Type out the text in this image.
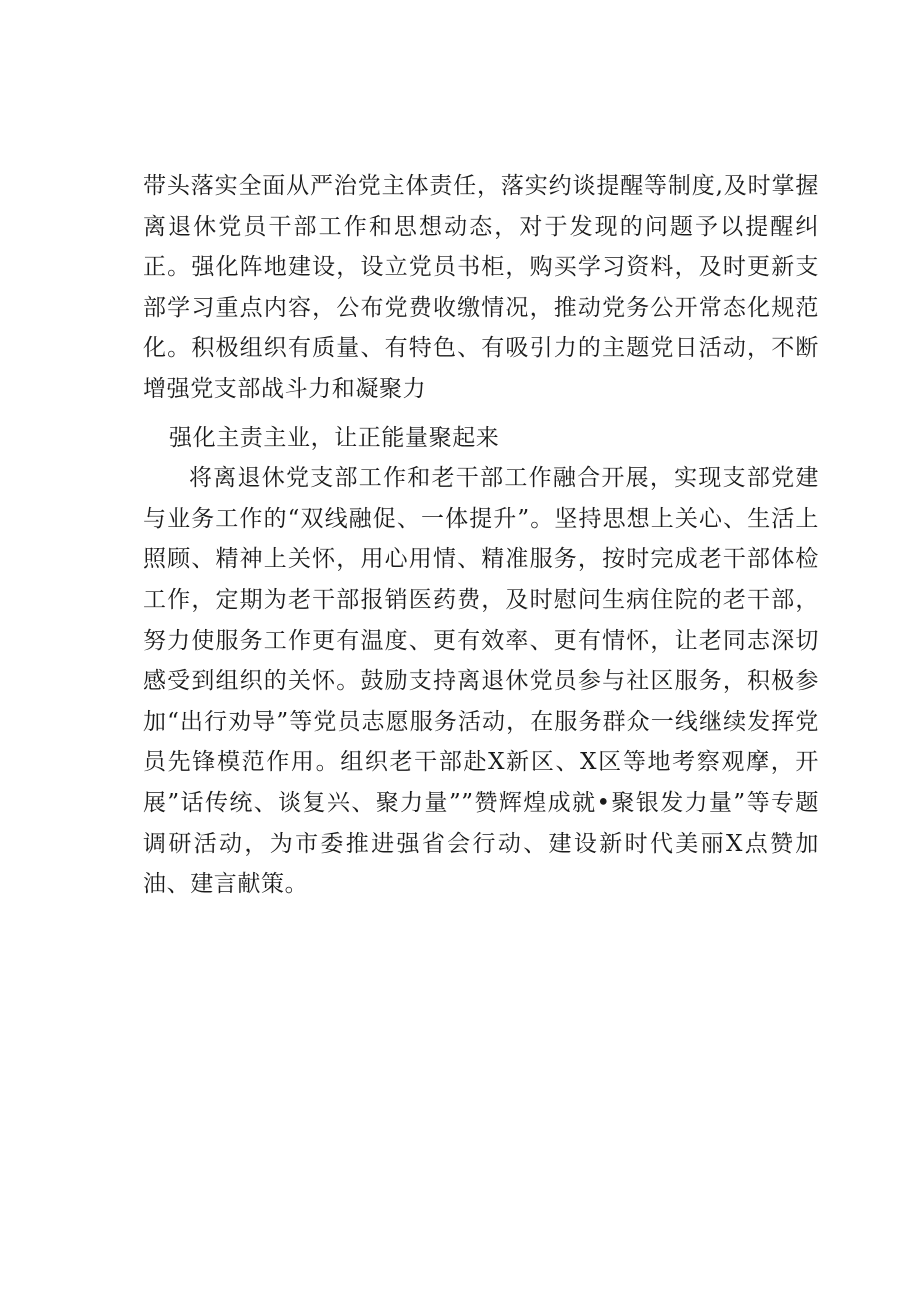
带头落实全面从严治党主体责任，落实约谈提醒等制度,及时掌握离退休党员干部工作和思想动态，对于发现的问题予以提醒纠正。强化阵地建设，设立党员书柜，购买学习资料，及时更新支部学习重点内容，公布党费收缴情况，推动党务公开常态化规范化。积极组织有质量、有特色、有吸引力的主题党日活动，不断增强党支部战斗力和凝聚力

强化主责主业，让正能量聚起来

将离退休党支部工作和老干部工作融合开展，实现支部党建与业务工作的“双线融促、一体提升”。坚持思想上关心、生活上照顾、精神上关怀，用心用情、精准服务，按时完成老干部体检工作，定期为老干部报销医药费，及时慰问生病住院的老干部，努力使服务工作更有温度、更有效率、更有情怀，让老同志深切感受到组织的关怀。鼓励支持离退休党员参与社区服务，积极参加“出行劝导”等党员志愿服务活动，在服务群众一线继续发挥党员先锋模范作用。组织老干部赴X新区、X区等地考察观摩，开展”话传统、谈复兴、聚力量””赞辉煌成就•聚银发力量”等专题调研活动，为市委推进强省会行动、建设新时代美丽X点赞加油、建言献策。
